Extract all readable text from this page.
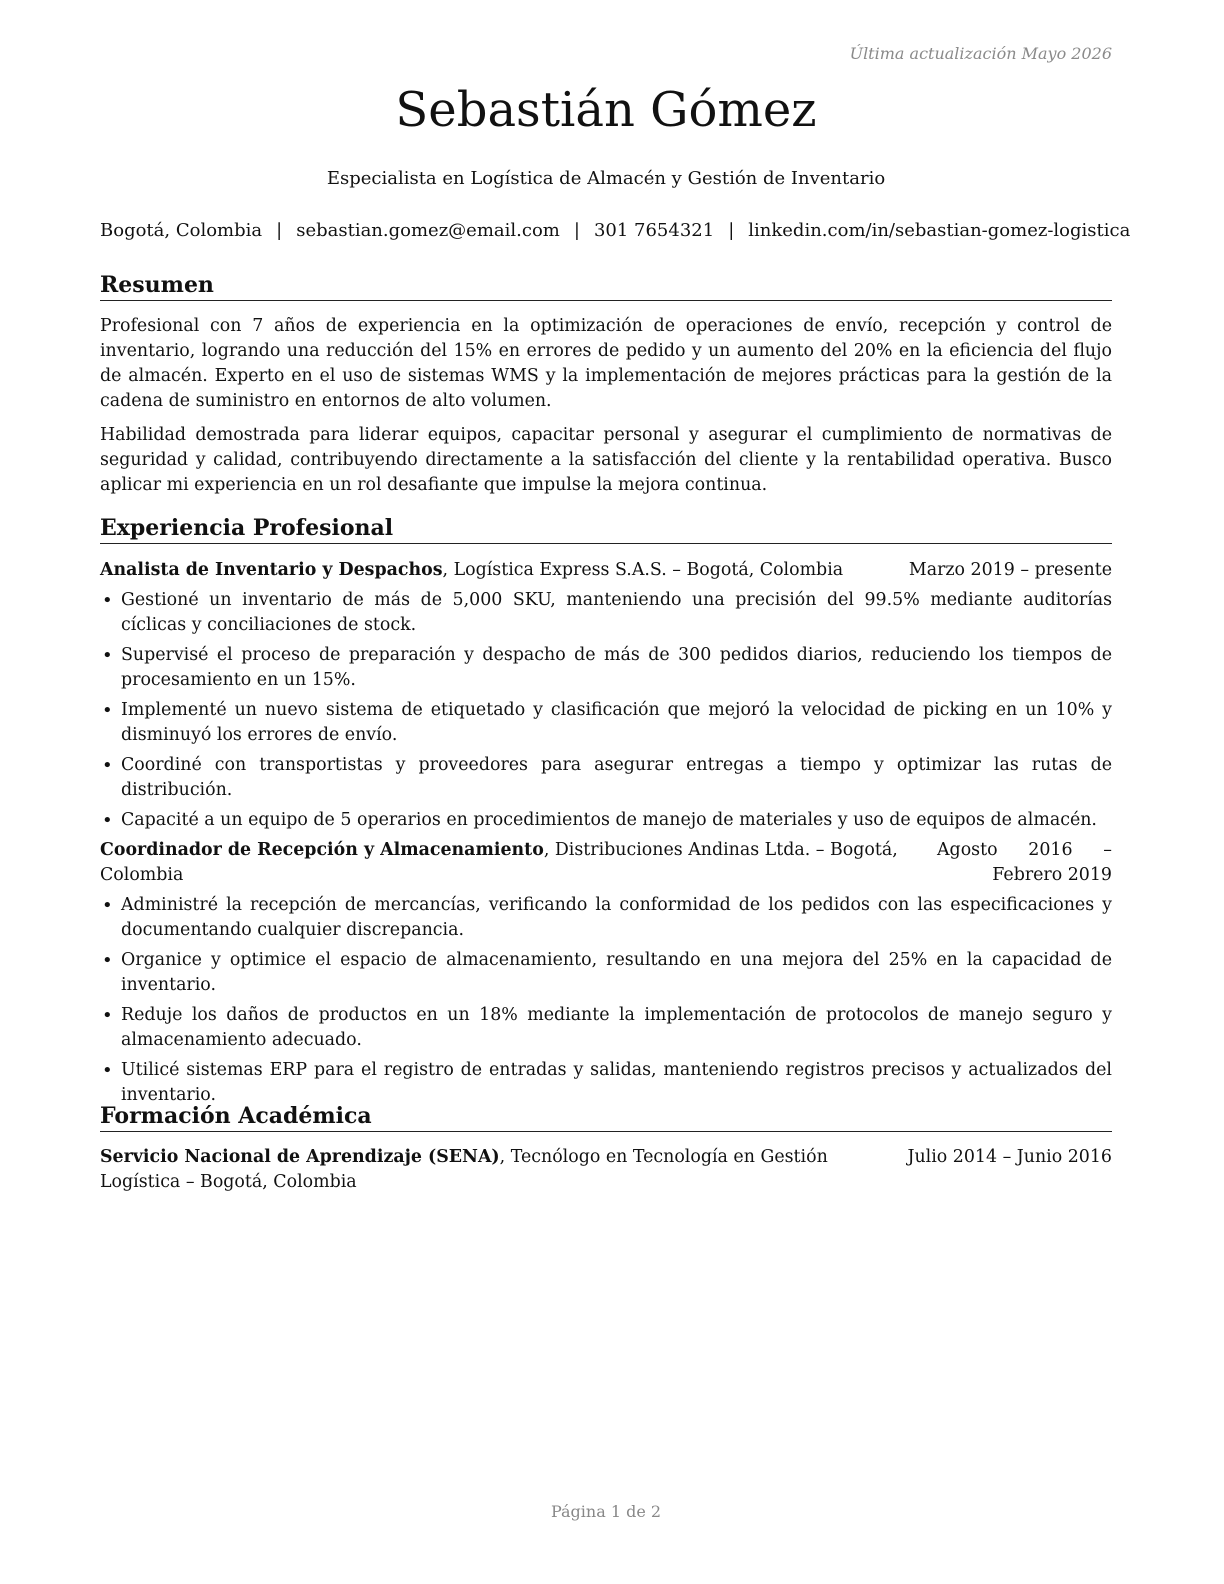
Última actualización Mayo 2026
Sebastián Gómez
Especialista en Logística de Almacén y Gestión de Inventario
Bogotá, Colombia | sebastian.gomez@email.com | 301 7654321 | linkedin.com/in/sebastian-gomez-logistica
Resumen

Profesional con 7 años de experiencia en la optimización de operaciones de envío, recepción y control de inventario, logrando una reducción del 15% en errores de pedido y un aumento del 20% en la eficiencia del flujo de almacén. Experto en el uso de sistemas WMS y la implementación de mejores prácticas para la gestión de la cadena de suministro en entornos de alto volumen.

Habilidad demostrada para liderar equipos, capacitar personal y asegurar el cumplimiento de normativas de seguridad y calidad, contribuyendo directamente a la satisfacción del cliente y la rentabilidad operativa. Busco aplicar mi experiencia en un rol desafiante que impulse la mejora continua.

Experiencia Profesional
Analista de Inventario y Despachos, Logística Express S.A.S. – Bogotá, Colombia	Marzo 2019 – presente
• Gestioné un inventario de más de 5,000 SKU, manteniendo una precisión del 99.5% mediante auditorías cíclicas y conciliaciones de stock.
• Supervisé el proceso de preparación y despacho de más de 300 pedidos diarios, reduciendo los tiempos de procesamiento en un 15%.
• Implementé un nuevo sistema de etiquetado y clasificación que mejoró la velocidad de picking en un 10% y disminuyó los errores de envío.
• Coordiné con transportistas y proveedores para asegurar entregas a tiempo y optimizar las rutas de distribución.
• Capacité a un equipo de 5 operarios en procedimientos de manejo de materiales y uso de equipos de almacén.
Coordinador de Recepción y Almacenamiento, Distribuciones Andinas Ltda. – Bogotá, Colombia
Agosto 2016 – Febrero 2019
• Administré la recepción de mercancías, verificando la conformidad de los pedidos con las especificaciones y documentando cualquier discrepancia.
• Organice y optimice el espacio de almacenamiento, resultando en una mejora del 25% en la capacidad de inventario.
• Reduje los daños de productos en un 18% mediante la implementación de protocolos de manejo seguro y almacenamiento adecuado.
• Utilicé sistemas ERP para el registro de entradas y salidas, manteniendo registros precisos y actualizados del inventario.
Formación Académica
Servicio Nacional de Aprendizaje (SENA), Tecnólogo en Tecnología en Gestión Logística – Bogotá, Colombia
Julio 2014 – Junio 2016
Página 1 de 2
